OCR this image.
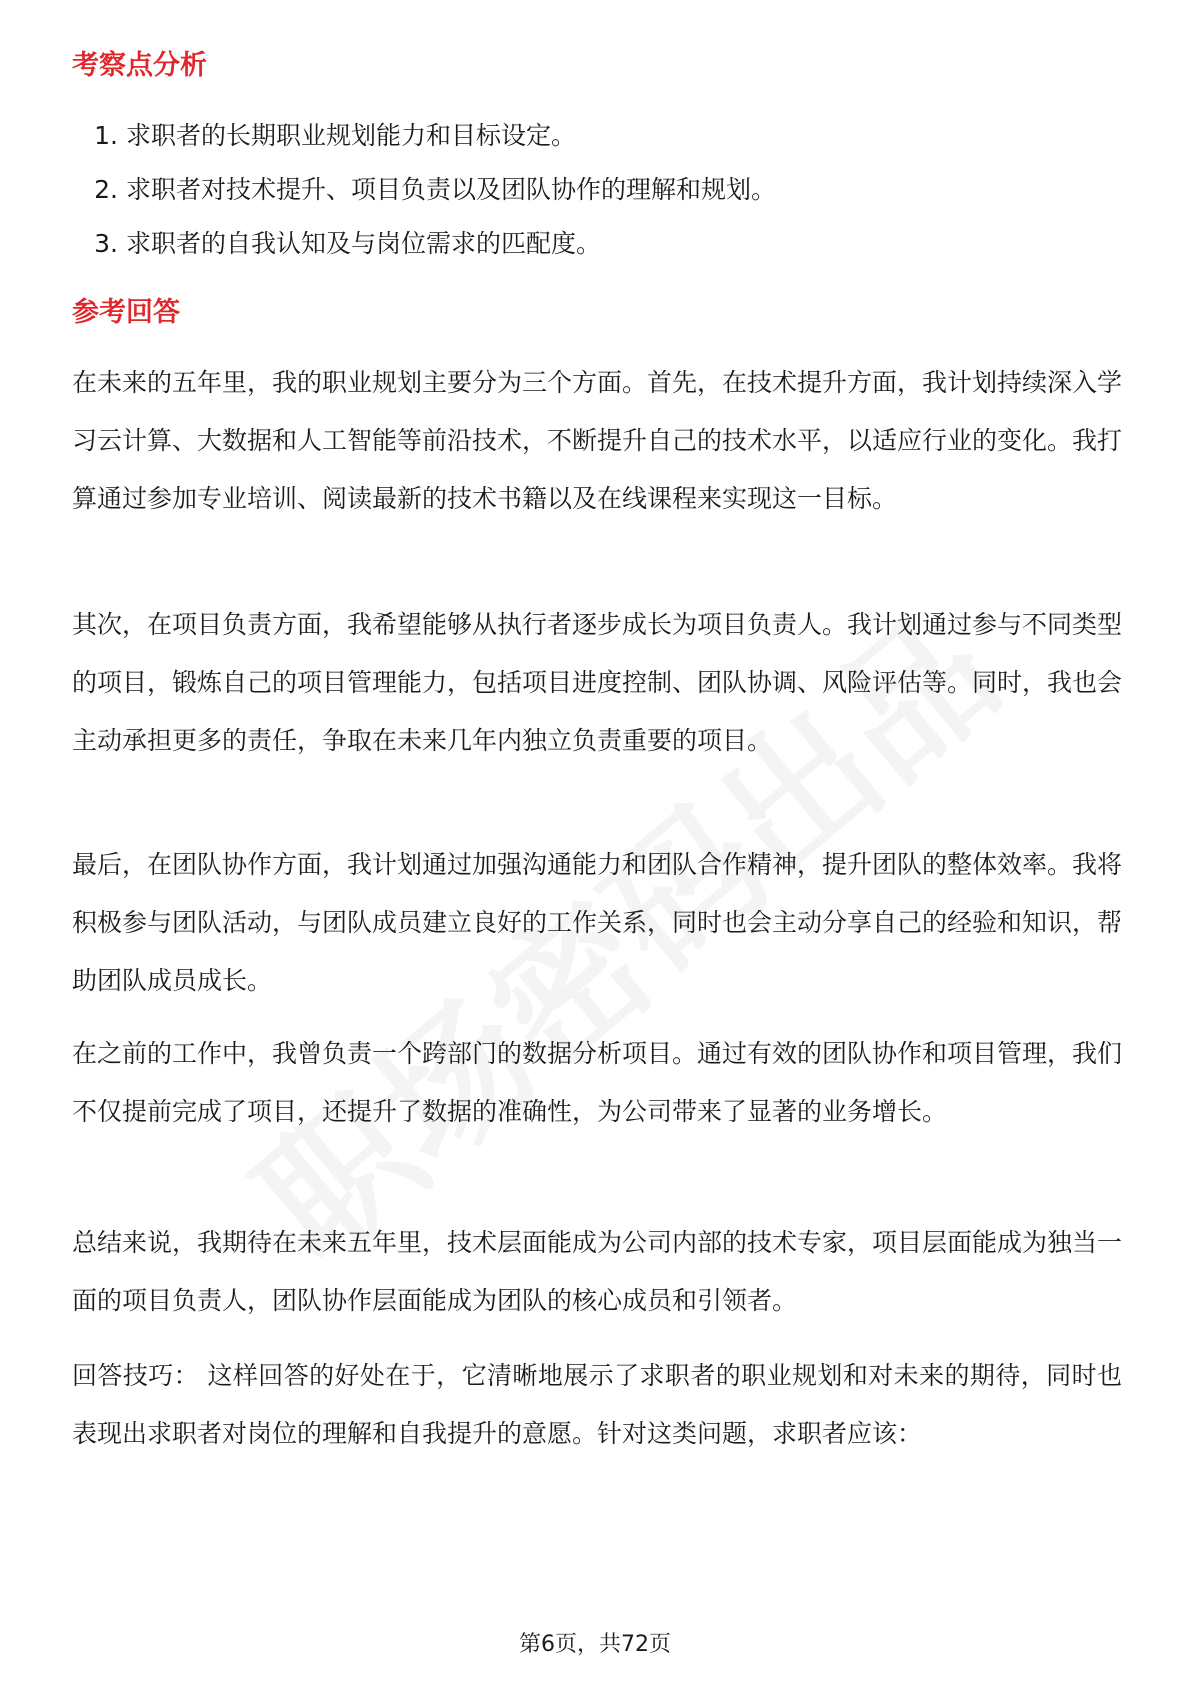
考察点分析
1. 求职者的长期职业规划能力和目标设定。
2. 求职者对技术提升、项目负责以及团队协作的理解和规划。
3. 求职者的自我认知及与岗位需求的匹配度。
参考回答
在未来的五年里，我的职业规划主要分为三个方面。首先，在技术提升方面，我计划持续深入学习云计算、大数据和人工智能等前沿技术，不断提升自己的技术水平，以适应行业的变化。我打算通过参加专业培训、阅读最新的技术书籍以及在线课程来实现这一目标。
其次，在项目负责方面，我希望能够从执行者逐步成长为项目负责人。我计划通过参与不同类型的项目，锻炼自己的项目管理能力，包括项目进度控制、团队协调、风险评估等。同时，我也会主动承担更多的责任，争取在未来几年内独立负责重要的项目。
最后，在团队协作方面，我计划通过加强沟通能力和团队合作精神，提升团队的整体效率。我将积极参与团队活动，与团队成员建立良好的工作关系，同时也会主动分享自己的经验和知识，帮助团队成员成长。
在之前的工作中，我曾负责一个跨部门的数据分析项目。通过有效的团队协作和项目管理，我们不仅提前完成了项目，还提升了数据的准确性，为公司带来了显著的业务增长。
总结来说，我期待在未来五年里，技术层面能成为公司内部的技术专家，项目层面能成为独当一面的项目负责人，团队协作层面能成为团队的核心成员和引领者。
回答技巧： 这样回答的好处在于，它清晰地展示了求职者的职业规划和对未来的期待，同时也表现出求职者对岗位的理解和自我提升的意愿。针对这类问题，求职者应该：
第6页，共72页
